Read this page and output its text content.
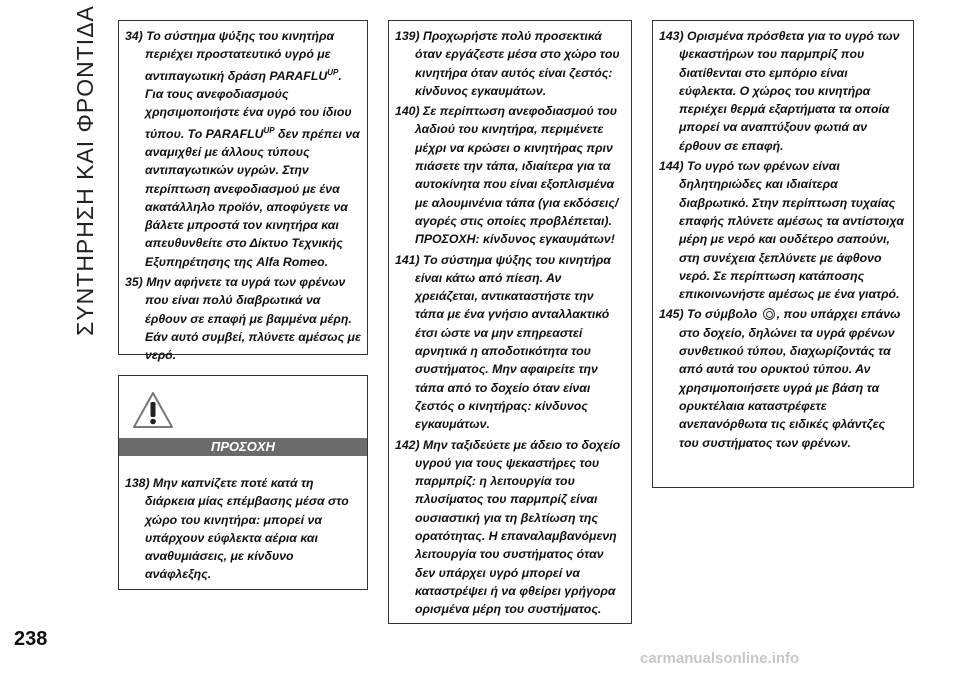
ΣΥΝΤΗΡΗΣΗ ΚΑΙ ΦΡΟΝΤΙΔΑ 34) Το σύστημα ψύξης του κινητήρα περιέχει προστατευτικό υγρό με αντιπαγωτική δράση $PARAFLU^{UP}$. Για τους ανεφοδιασμούς χρησιμοποιήστε ένα υγρό του ίδιου τύπου. Το $PARAFLU^{UP}$ δεν πρέπει να αναμιχθεί με άλλους τύπους αντιπαγωτικών υγρών. Στην περίπτωση ανεφοδιασμού με ένα ακατάλληλο προϊόν, αποφύγετε να βάλετε μπροστά τον κινητήρα και απευθυνθείτε στο Δίκτυο Τεχνικής Εξυπηρέτησης της Alfa Romeo.

35) Μην αφήνετε τα υγρά των φρένων που είναι πολύ διαβρωτικά να έρθουν σε επαφή με βαμμένα μέρη. Εάν αυτό συμβεί, πλύνετε αμέσως με νερό.

ΠΡΟΣΟΧΗ

138) Μην καπνίζετε ποτέ κατά τη διάρκεια μίας επέμβασης μέσα στο χώρο του κινητήρα: μπορεί να υπάρχουν εύφλεκτα αέρια και αναθυμιάσεις, με κίνδυνο ανάφλεξης.

139) Προχωρήστε πολύ προσεκτικά όταν εργάζεστε μέσα στο χώρο του κινητήρα όταν αυτός είναι ζεστός: κίνδυνος εγκαυμάτων.

140) Σε περίπτωση ανεφοδιασμού του λαδιού του κινητήρα, περιμένετε μέχρι να κρώσει ο κινητήρας πριν πιάσετε την τάπα, ιδιαίτερα για τα αυτοκίνητα που είναι εξοπλισμένα με αλουμινένια τάπα (για εκδόσεις/αγορές στις οποίες προβλέπεται). ΠΡΟΣΟΧΗ: κίνδυνος εγκαυμάτων!

141) Το σύστημα ψύξης του κινητήρα είναι κάτω από πίεση. Αν χρειάζεται, αντικαταστήστε την τάπα με ένα γνήσιο ανταλλακτικό έτσι ώστε να μην επηρεαστεί αρνητικά η αποδοτικότητα του συστήματος. Μην αφαιρείτε την τάπα από το δοχείο όταν είναι ζεστός ο κινητήρας: κίνδυνος εγκαυμάτων.

142) Μην ταξιδεύετε με άδειο το δοχείο υγρού για τους ψεκαστήρες του παρμπρίζ: η λειτουργία του πλυσίματος του παρμπρίζ είναι ουσιαστική για τη βελτίωση της ορατότητας. Η επαναλαμβανόμενη λειτουργία του συστήματος όταν δεν υπάρχει υγρό μπορεί να καταστρέψει ή να φθείρει γρήγορα ορισμένα μέρη του συστήματος.

143) Ορισμένα πρόσθετα για το υγρό των ψεκαστήρων του παρμπρίζ που διατίθενται στο εμπόριο είναι εύφλεκτα. Ο χώρος του κινητήρα περιέχει θερμά εξαρτήματα τα οποία μπορεί να αναπτύξουν φωτιά αν έρθουν σε επαφή.

144) Το υγρό των φρένων είναι δηλητηριώδες και ιδιαίτερα διαβρωτικό. Στην περίπτωση τυχαίας επαφής πλύνετε αμέσως τα αντίστοιχα μέρη με νερό και ουδέτερο σαπούνι, στη συνέχεια ξεπλύνετε με άφθονο νερό. Σε περίπτωση κατάποσης επικοινωνήστε αμέσως με ένα γιατρό.

145) Το σύμβολο , που υπάρχει επάνω στο δοχείο, δηλώνει τα υγρά φρένων συνθετικού τύπου, διαχωρίζοντάς τα από αυτά του ορυκτού τύπου. Αν χρησιμοποιήσετε υγρά με βάση τα ορυκτέλαια καταστρέφετε ανεπανόρθωτα τις ειδικές φλάντζες του συστήματος των φρένων.

238
carmanualsonline.info
